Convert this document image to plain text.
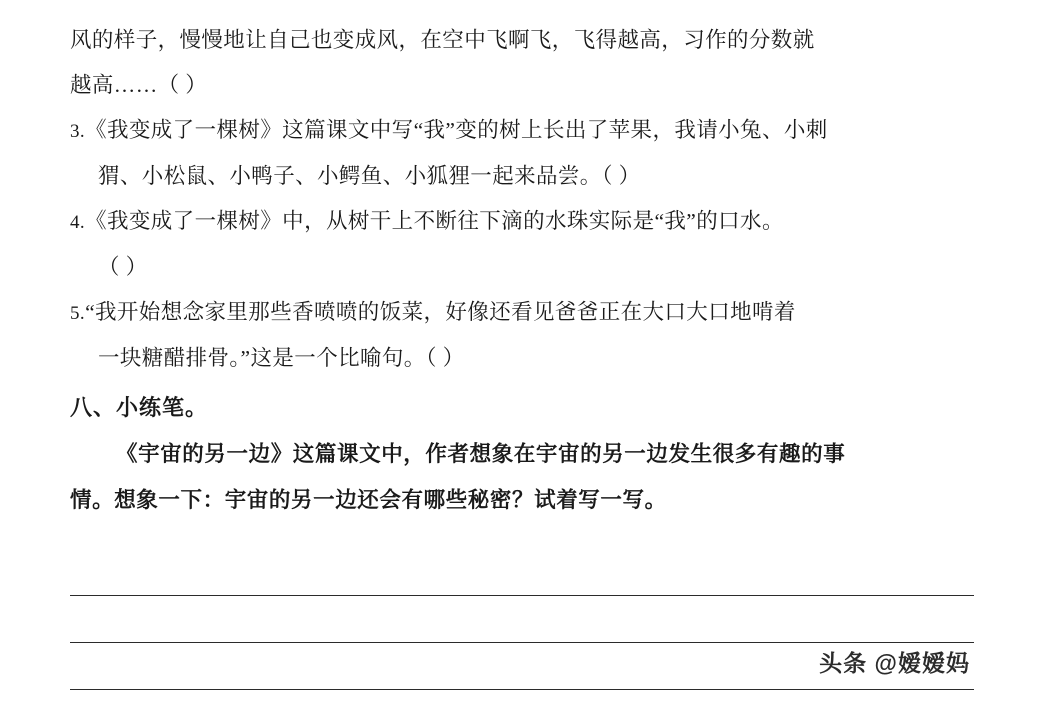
风的样子，慢慢地让自己也变成风，在空中飞啊飞，飞得越高，习作的分数就
越高……（ ）

3.《我变成了一棵树》这篇课文中写“我”变的树上长出了苹果，我请小兔、小刺
猬、小松鼠、小鸭子、小鳄鱼、小狐狸一起来品尝。（ ）
4.《我变成了一棵树》中，从树干上不断往下滴的水珠实际是“我”的口水。
（ ）
5.“我开始想念家里那些香喷喷的饭菜，好像还看见爸爸正在大口大口地啃着
一块糖醋排骨。”这是一个比喻句。（ ）
八、小练笔。
《宇宙的另一边》这篇课文中，作者想象在宇宙的另一边发生很多有趣的事
情。想象一下：宇宙的另一边还会有哪些秘密？试着写一写。
头条 @嫒嫒妈
